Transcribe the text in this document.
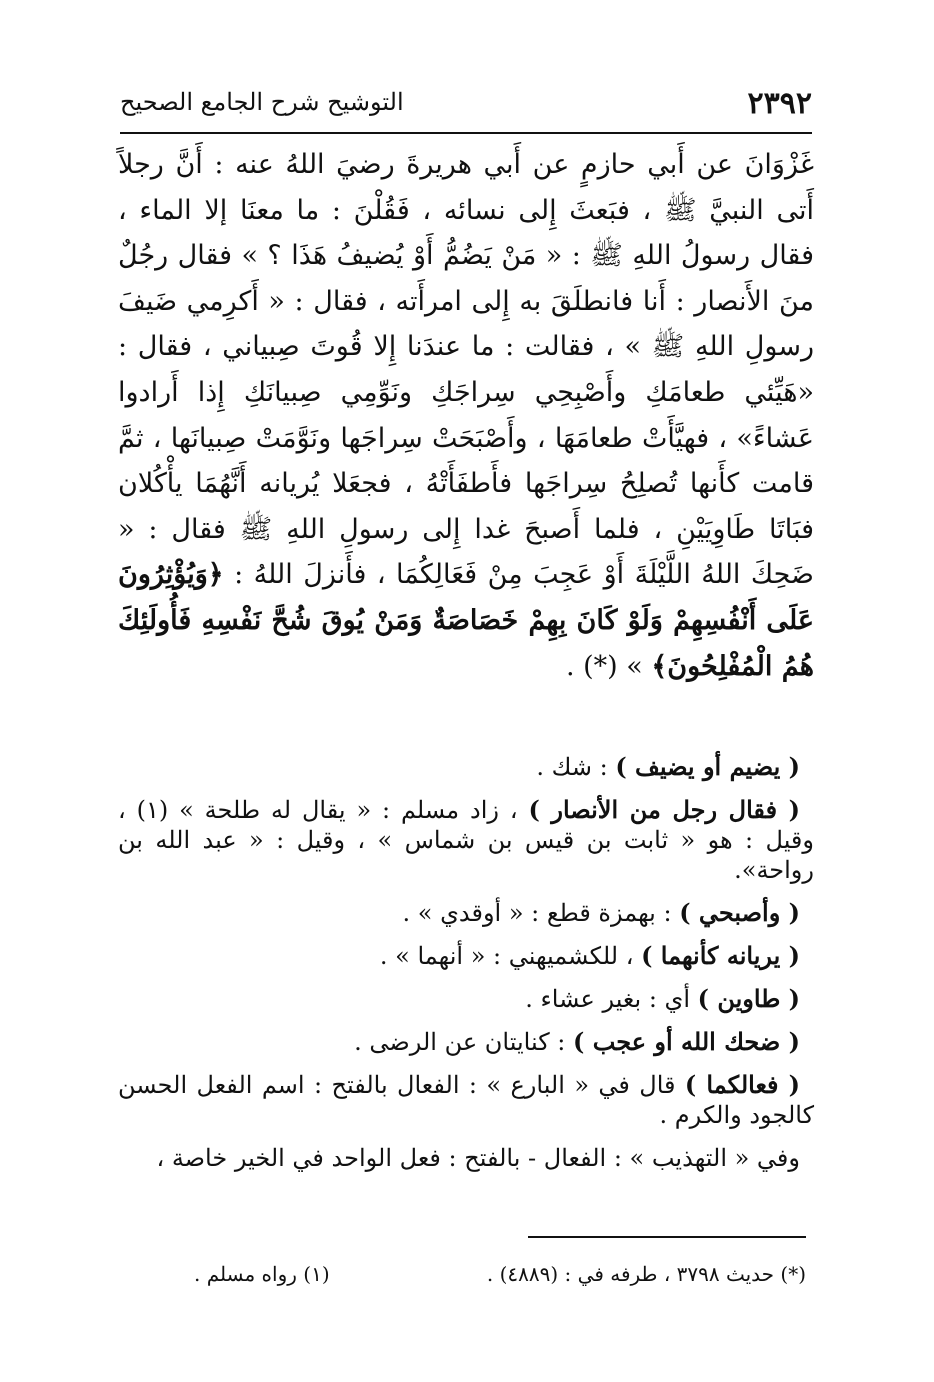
٢٣٩٢
التوشيح شرح الجامع الصحيح

غَزْوَانَ عن أَبي حازمٍ عن أَبي هريرةَ رضيَ اللهُ عنه : أَنَّ رجلاً أَتى النبيَّ ﷺ ، فبَعثَ إِلى نسائه ، فَقُلْنَ : ما معنَا إلا الماء ، فقال رسولُ اللهِ ﷺ : « مَنْ يَضُمُّ أَوْ يُضيفُ هَذَا ؟ » فقال رجُلٌ منَ الأَنصار : أَنا فانطلَقَ به إِلى امرأَته ، فقال : « أَكرِمي ضَيفَ رسولِ اللهِ ﷺ » ، فقالت : ما عندَنا إِلا قُوتَ صِبياني ، فقال : «هَيِّئي طعامَكِ وأَصْبِحِي سِراجَكِ ونَوِّمِي صِبيانَكِ إِذا أَرادوا عَشاءً» ، فهيَّأَتْ طعامَهَا ، وأَصْبَحَتْ سِراجَها ونَوَّمَتْ صِبيانَها ، ثمَّ قامت كأَنها تُصلِحُ سِراجَها فأَطفَأَتْهُ ، فجعَلا يُريانه أَنَّهُمَا يأْكُلان فبَاتَا طَاوِيَيْنِ ، فلما أَصبحَ غدا إِلى رسولِ اللهِ ﷺ فقال : « ضَحِكَ اللهُ اللَّيْلَةَ أَوْ عَجِبَ مِنْ فَعَالِكُمَا ، فأَنزلَ اللهُ : ﴿وَيُؤْثِرُونَ عَلَى أَنْفُسِهِمْ وَلَوْ كَانَ بِهِمْ خَصَاصَةٌ وَمَنْ يُوقَ شُحَّ نَفْسِهِ فَأُولَئِكَ هُمُ الْمُفْلِحُونَ﴾ » (*) .

( يضيم أو يضيف ) : شك .

( فقال رجل من الأنصار ) ، زاد مسلم : « يقال له طلحة » (١) ، وقيل : هو « ثابت بن قيس بن شماس » ، وقيل : « عبد الله بن رواحة».

( وأصبحي ) : بهمزة قطع : « أوقدي » .

( يريانه كأنهما ) ، للكشميهني : « أنهما » .

( طاوين ) أي : بغير عشاء .

( ضحك الله أو عجب ) : كنايتان عن الرضى .

( فعالكما ) قال في « البارع » : الفعال بالفتح : اسم الفعل الحسن كالجود والكرم .

وفي « التهذيب » : الفعال - بالفتح : فعل الواحد في الخير خاصة ،

(*) حديث ٣٧٩٨ ، طرفه في : (٤٨٨٩) .
(١) رواه مسلم .
